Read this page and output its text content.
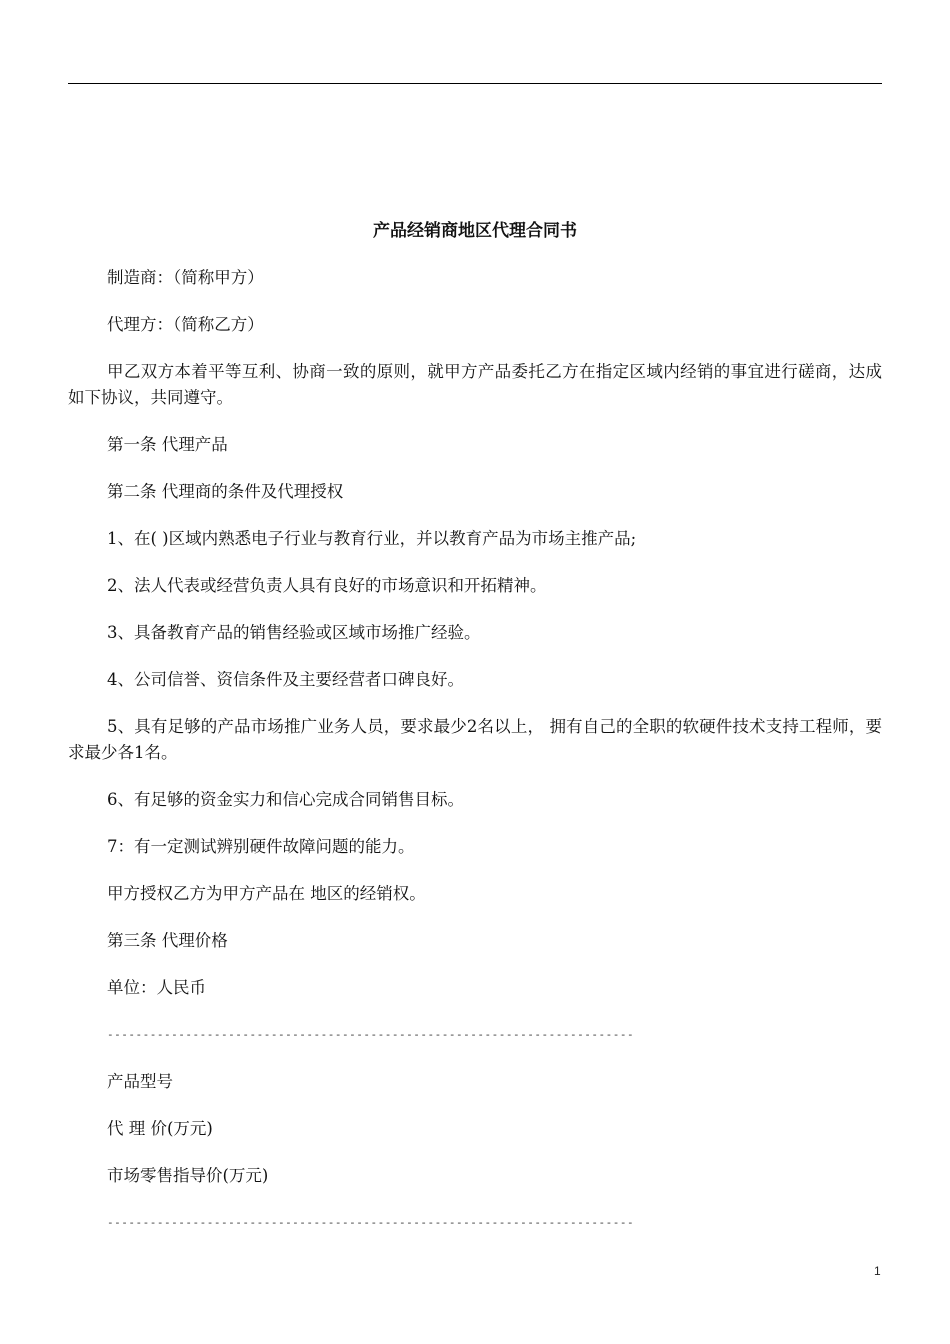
产品经销商地区代理合同书

制造商：（简称甲方）

代理方：（简称乙方）

甲乙双方本着平等互利、协商一致的原则，就甲方产品委托乙方在指定区域内经销的事宜进行磋商，达成如下协议，共同遵守。

第一条 代理产品

第二条 代理商的条件及代理授权

1、在( )区域内熟悉电子行业与教育行业，并以教育产品为市场主推产品;

2、法人代表或经营负责人具有良好的市场意识和开拓精神。

3、具备教育产品的销售经验或区域市场推广经验。

4、公司信誉、资信条件及主要经营者口碑良好。

5、具有足够的产品市场推广业务人员，要求最少2名以上， 拥有自己的全职的软硬件技术支持工程师，要求最少各1名。

6、有足够的资金实力和信心完成合同销售目标。

7：有一定测试辨别硬件故障问题的能力。

甲方授权乙方为甲方产品在 地区的经销权。

第三条 代理价格

单位：人民币

--------------------------------------------------------------------------

产品型号

代 理 价(万元)

市场零售指导价(万元)

--------------------------------------------------------------------------

1
